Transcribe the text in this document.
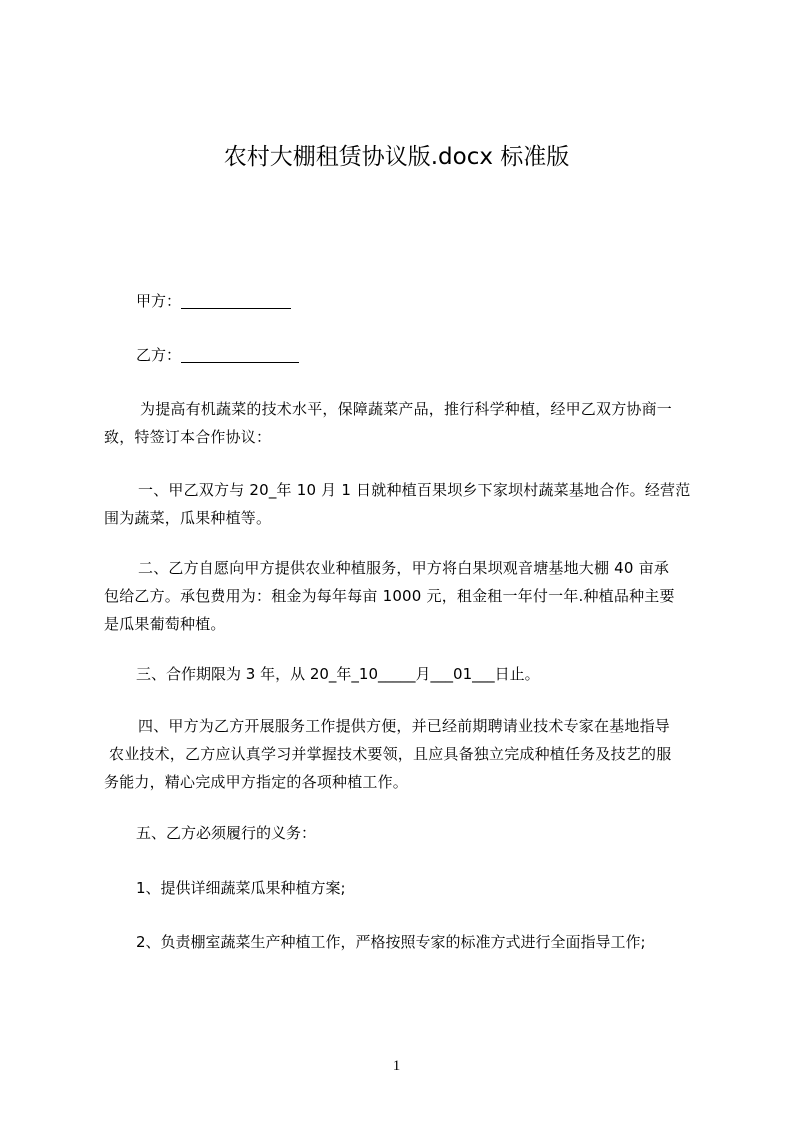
农村大棚租赁协议版.docx 标准版
甲方：
乙方：
为提高有机蔬菜的技术水平，保障蔬菜产品，推行科学种植，经甲乙双方协商一
致，特签订本合作协议：
一、甲乙双方与 20_年 10 月 1 日就种植百果坝乡下家坝村蔬菜基地合作。经营范
围为蔬菜，瓜果种植等。
二、乙方自愿向甲方提供农业种植服务，甲方将白果坝观音塘基地大棚 40 亩承
包给乙方。承包费用为：租金为每年每亩 1000 元，租金租一年付一年.种植品种主要
是瓜果葡萄种植。
三、合作期限为 3 年，从 20_年_10_____月___01___日止。
四、甲方为乙方开展服务工作提供方便，并已经前期聘请业技术专家在基地指导
农业技术，乙方应认真学习并掌握技术要领，且应具备独立完成种植任务及技艺的服
务能力，精心完成甲方指定的各项种植工作。
五、乙方必须履行的义务：
1、提供详细蔬菜瓜果种植方案;
2、负责棚室蔬菜生产种植工作，严格按照专家的标准方式进行全面指导工作;
1
